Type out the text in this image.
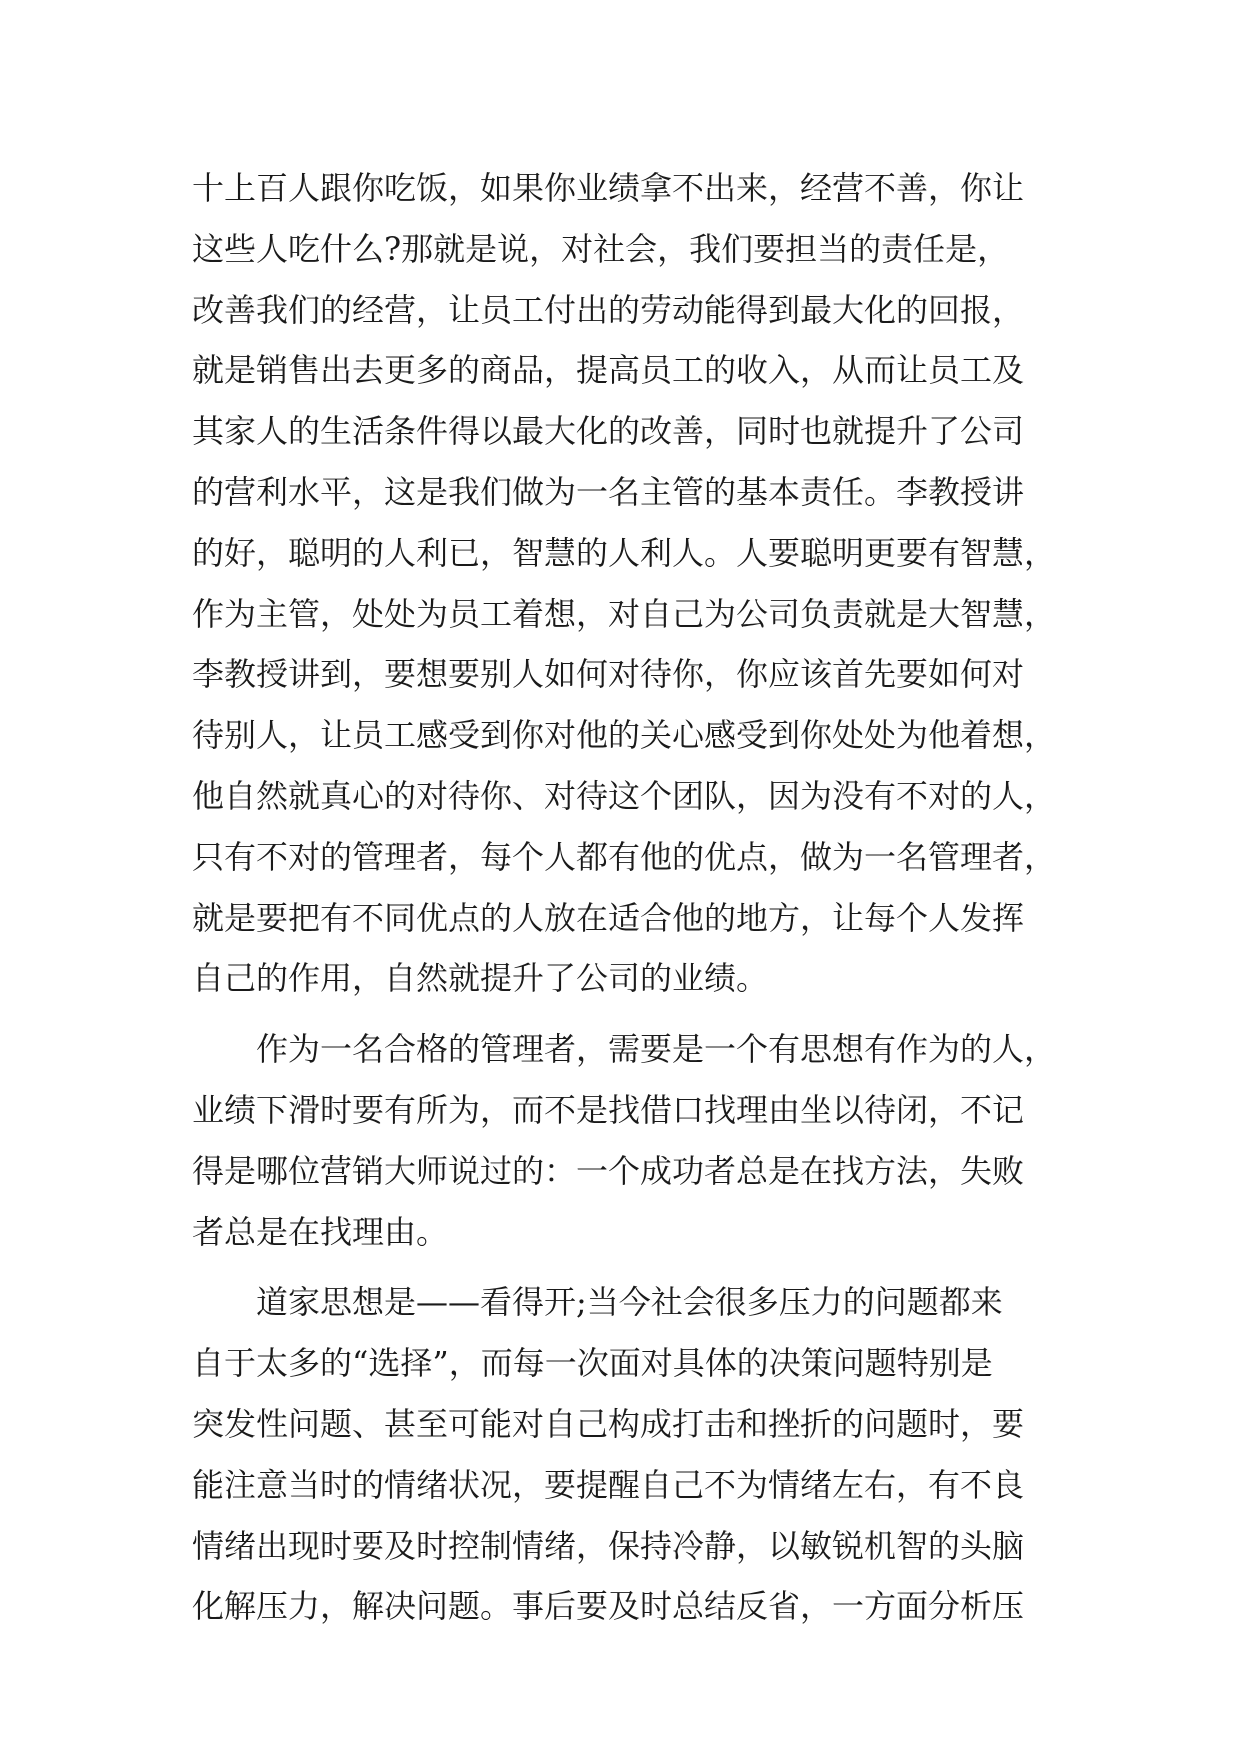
十上百人跟你吃饭，如果你业绩拿不出来，经营不善，你让
这些人吃什么?那就是说，对社会，我们要担当的责任是，
改善我们的经营，让员工付出的劳动能得到最大化的回报，
就是销售出去更多的商品，提高员工的收入，从而让员工及
其家人的生活条件得以最大化的改善，同时也就提升了公司
的营利水平，这是我们做为一名主管的基本责任。李教授讲
的好，聪明的人利已，智慧的人利人。人要聪明更要有智慧，
作为主管，处处为员工着想，对自己为公司负责就是大智慧，
李教授讲到，要想要别人如何对待你，你应该首先要如何对
待别人，让员工感受到你对他的关心感受到你处处为他着想，
他自然就真心的对待你、对待这个团队，因为没有不对的人，
只有不对的管理者，每个人都有他的优点，做为一名管理者，
就是要把有不同优点的人放在适合他的地方，让每个人发挥
自己的作用，自然就提升了公司的业绩。
作为一名合格的管理者，需要是一个有思想有作为的人，
业绩下滑时要有所为，而不是找借口找理由坐以待闭，不记
得是哪位营销大师说过的：一个成功者总是在找方法，失败
者总是在找理由。
道家思想是——看得开;当今社会很多压力的问题都来
自于太多的“选择”，而每一次面对具体的决策问题特别是
突发性问题、甚至可能对自己构成打击和挫折的问题时，要
能注意当时的情绪状况，要提醒自己不为情绪左右，有不良
情绪出现时要及时控制情绪，保持冷静，以敏锐机智的头脑
化解压力，解决问题。事后要及时总结反省，一方面分析压
